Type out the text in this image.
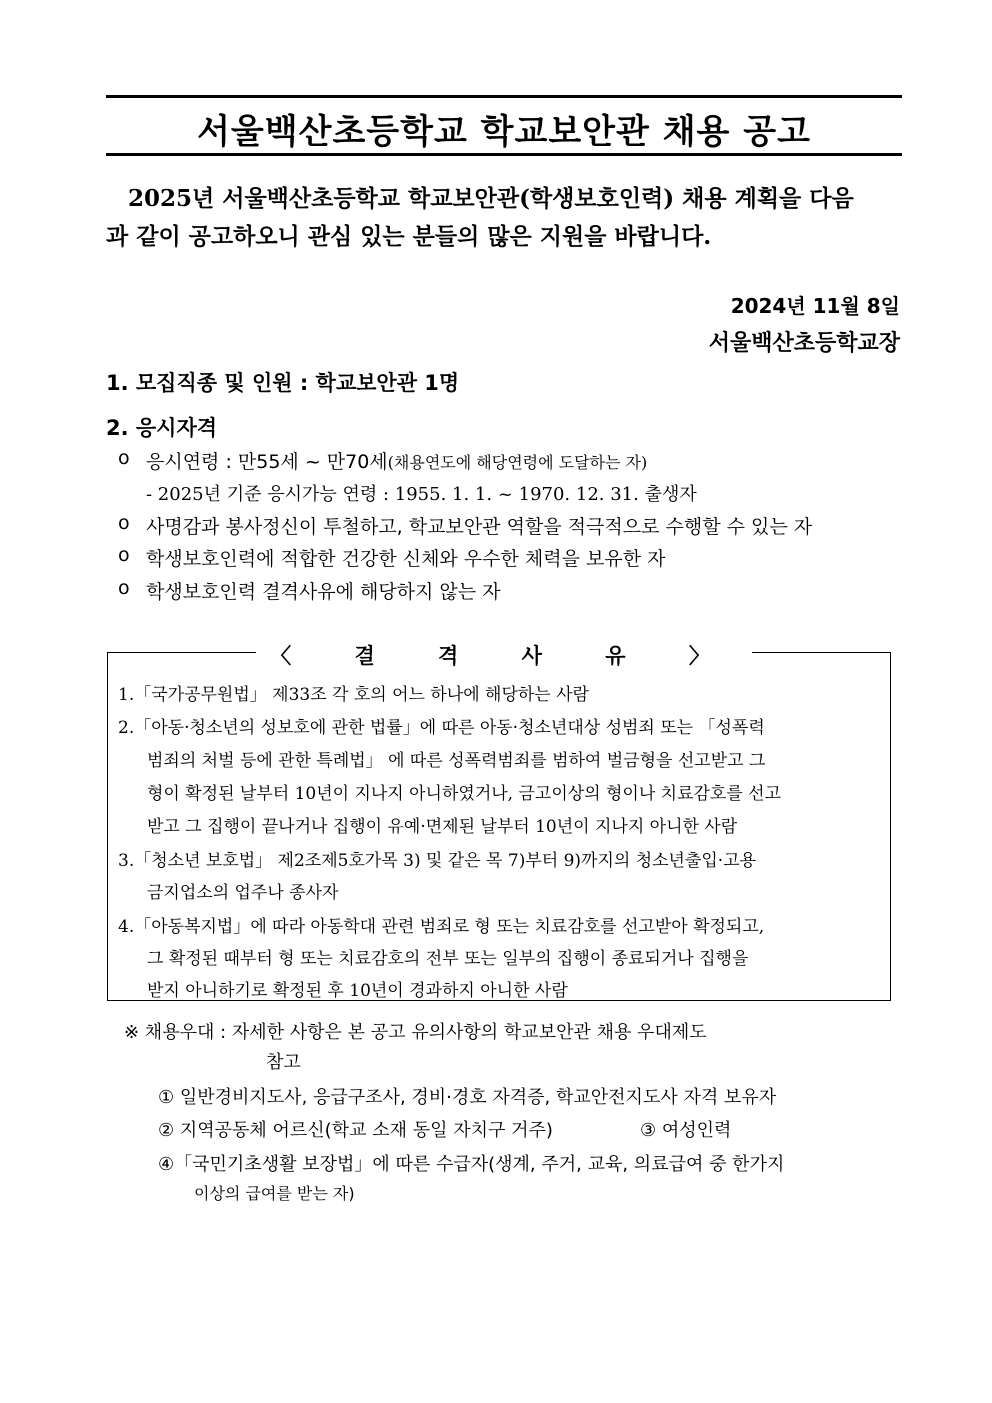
서울백산초등학교 학교보안관 채용 공고
2025년 서울백산초등학교 학교보안관(학생보호인력) 채용 계획을 다음
과 같이 공고하오니 관심 있는 분들의 많은 지원을 바랍니다.
2024년 11월 8일
서울백산초등학교장
1. 모집직종 및 인원 : 학교보안관 1명
2. 응시자격
o 응시연령 : 만55세 ~ 만70세(채용연도에 해당연령에 도달하는 자)
- 2025년 기준 응시가능 연령 : 1955. 1. 1. ~ 1970. 12. 31. 출생자
o 사명감과 봉사정신이 투철하고, 학교보안관 역할을 적극적으로 수행할 수 있는 자
o 학생보호인력에 적합한 건강한 신체와 우수한 체력을 보유한 자
o 학생보호인력 결격사유에 해당하지 않는 자
〈 결 격 사 유 〉
1.「국가공무원법」 제33조 각 호의 어느 하나에 해당하는 사람
2.「아동·청소년의 성보호에 관한 법률」에 따른 아동·청소년대상 성범죄 또는 「성폭력
범죄의 처벌 등에 관한 특례법」 에 따른 성폭력범죄를 범하여 벌금형을 선고받고 그
형이 확정된 날부터 10년이 지나지 아니하였거나, 금고이상의 형이나 치료감호를 선고
받고 그 집행이 끝나거나 집행이 유예·면제된 날부터 10년이 지나지 아니한 사람
3.「청소년 보호법」 제2조제5호가목 3) 및 같은 목 7)부터 9)까지의 청소년출입·고용
금지업소의 업주나 종사자
4.「아동복지법」에 따라 아동학대 관련 범죄로 형 또는 치료감호를 선고받아 확정되고,
그 확정된 때부터 형 또는 치료감호의 전부 또는 일부의 집행이 종료되거나 집행을
받지 아니하기로 확정된 후 10년이 경과하지 아니한 사람
※ 채용우대 : 자세한 사항은 본 공고 유의사항의 학교보안관 채용 우대제도
참고
① 일반경비지도사, 응급구조사, 경비·경호 자격증, 학교안전지도사 자격 보유자
② 지역공동체 어르신(학교 소재 동일 자치구 거주)	③ 여성인력
④「국민기초생활 보장법」에 따른 수급자(생계, 주거, 교육, 의료급여 중 한가지
이상의 급여를 받는 자)
